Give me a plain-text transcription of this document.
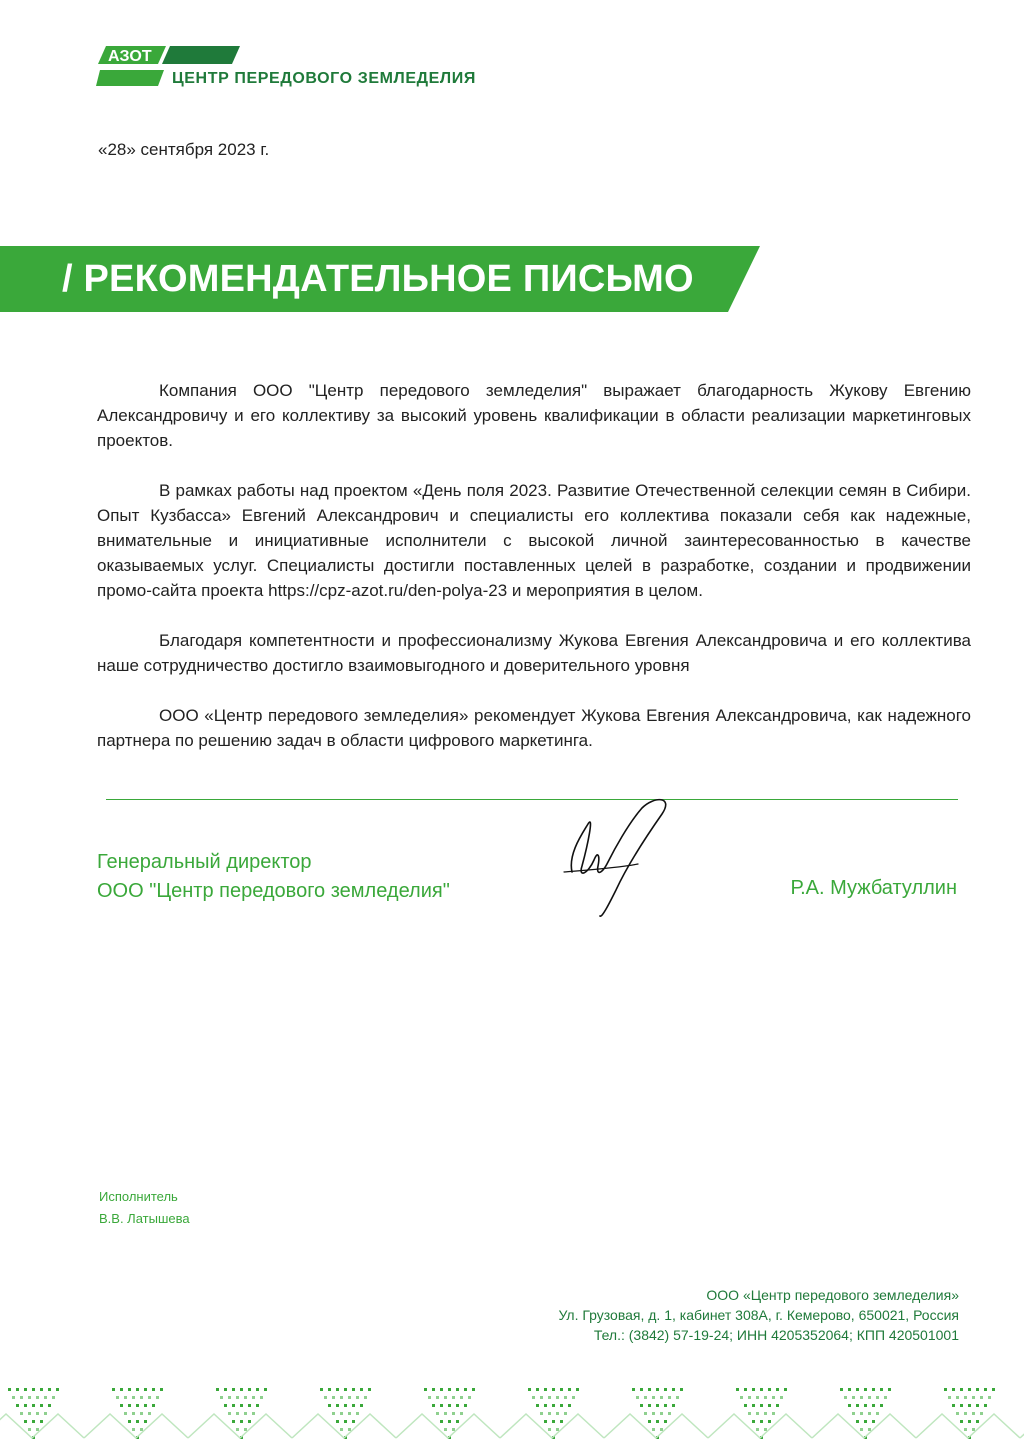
АЗОТ
ЦЕНТР ПЕРЕДОВОГО ЗЕМЛЕДЕЛИЯ
«28» сентября 2023 г.
/ РЕКОМЕНДАТЕЛЬНОЕ ПИСЬМО

Компания ООО "Центр передового земледелия" выражает благодарность Жукову Евгению Александровичу и его коллективу за высокий уровень квалификации в области реализации маркетинговых проектов.

В рамках работы над проектом «День поля 2023. Развитие Отечественной селекции семян в Сибири. Опыт Кузбасса» Евгений Александрович и специалисты его коллектива показали себя как надежные, внимательные и инициативные исполнители с высокой личной заинтересованностью в качестве оказываемых услуг. Специалисты достигли поставленных целей в разработке, создании и продвижении промо-сайта проекта https://cpz-azot.ru/den-polya-23 и мероприятия в целом.

Благодаря компетентности и профессионализму Жукова Евгения Александровича и его коллектива наше сотрудничество достигло взаимовыгодного и доверительного уровня

ООО «Центр передового земледелия» рекомендует Жукова Евгения Александровича, как надежного партнера по решению задач в области цифрового маркетинга.

Генеральный директор
ООО "Центр передового земледелия"	Р.А. Мужбатуллин
Исполнитель
В.В. Латышева
ООО «Центр передового земледелия»
Ул. Грузовая, д. 1, кабинет 308А, г. Кемерово, 650021, Россия
Тел.: (3842) 57-19-24; ИНН 4205352064; КПП 420501001
